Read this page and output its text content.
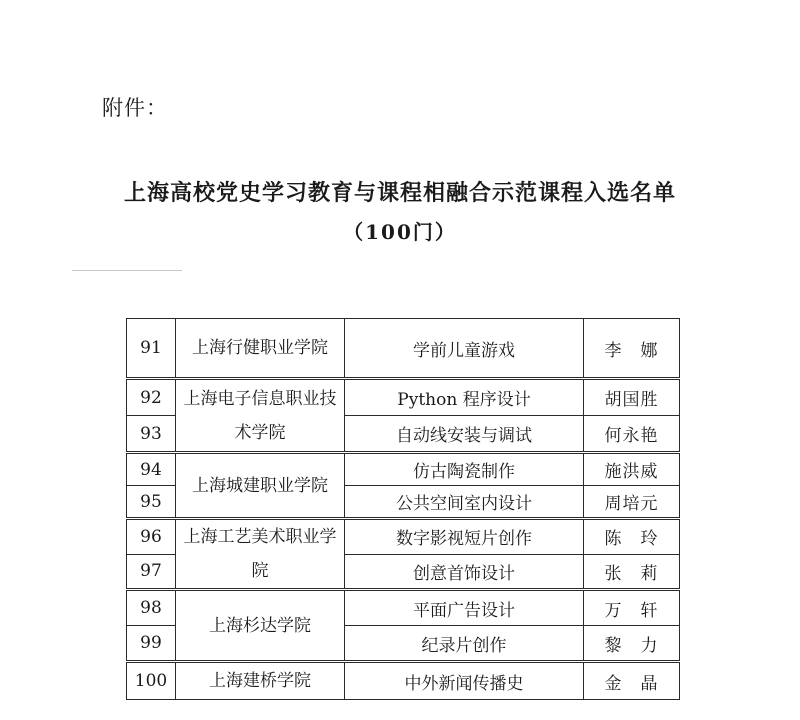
附件：
上海高校党史学习教育与课程相融合示范课程入选名单
（100门）
91	上海行健职业学院	学前儿童游戏	李　娜
92	上海电子信息职业技术学院	Python 程序设计	胡国胜
93		自动线安装与调试	何永艳
94	上海城建职业学院	仿古陶瓷制作	施洪威
95		公共空间室内设计	周培元
96	上海工艺美术职业学院	数字影视短片创作	陈　玲
97		创意首饰设计	张　莉
98	上海杉达学院	平面广告设计	万　轩
99		纪录片创作	黎　力
100	上海建桥学院	中外新闻传播史	金　晶
